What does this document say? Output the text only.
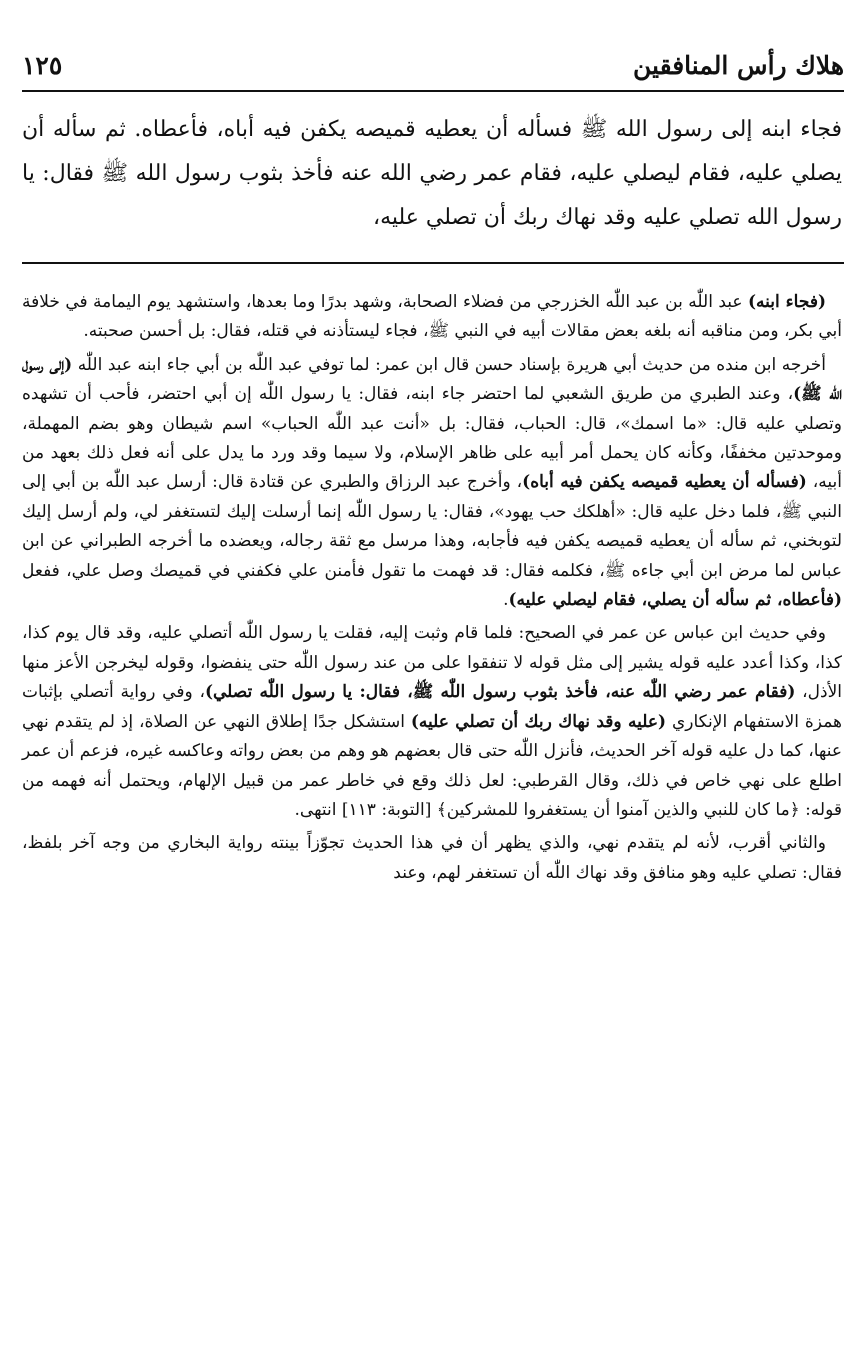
هلاك رأس المنافقين
١٢٥

فجاء ابنه إلى رسول الله ﷺ فسأله أن يعطيه قميصه يكفن فيه أباه، فأعطاه. ثم سأله أن يصلي عليه، فقام ليصلي عليه، فقام عمر رضي الله عنه فأخذ بثوب رسول الله ﷺ فقال: يا رسول الله تصلي عليه وقد نهاك ربك أن تصلي عليه،

(فجاء ابنه) عبد اللّٰه بن عبد اللّٰه الخزرجي من فضلاء الصحابة، وشهد بدرًا وما بعدها، واستشهد يوم اليمامة في خلافة أبي بكر، ومن مناقبه أنه بلغه بعض مقالات أبيه في النبي ﷺ، فجاء ليستأذنه في قتله، فقال: بل أحسن صحبته.

أخرجه ابن منده من حديث أبي هريرة بإسناد حسن قال ابن عمر: لما توفي عبد اللّٰه بن أبي جاء ابنه عبد اللّٰه (إلى رسول اللّٰه ﷺ)، وعند الطبري من طريق الشعبي لما احتضر جاء ابنه، فقال: يا رسول اللّٰه إن أبي احتضر، فأحب أن تشهده وتصلي عليه قال: «ما اسمك»، قال: الحباب، فقال: بل «أنت عبد اللّٰه الحباب» اسم شيطان وهو بضم المهملة، وموحدتين مخففًا، وكأنه كان يحمل أمر أبيه على ظاهر الإسلام، ولا سيما وقد ورد ما يدل على أنه فعل ذلك بعهد من أبيه، (فسأله أن يعطيه قميصه يكفن فيه أباه)، وأخرج عبد الرزاق والطبري عن قتادة قال: أرسل عبد اللّٰه بن أبي إلى النبي ﷺ، فلما دخل عليه قال: «أهلكك حب يهود»، فقال: يا رسول اللّٰه إنما أرسلت إليك لتستغفر لي، ولم أرسل إليك لتوبخني، ثم سأله أن يعطيه قميصه يكفن فيه فأجابه، وهذا مرسل مع ثقة رجاله، ويعضده ما أخرجه الطبراني عن ابن عباس لما مرض ابن أبي جاءه ﷺ، فكلمه فقال: قد فهمت ما تقول فأمنن علي فكفني في قميصك وصل علي، ففعل (فأعطاه، ثم سأله أن يصلي، فقام ليصلي عليه).

وفي حديث ابن عباس عن عمر في الصحيح: فلما قام وثبت إليه، فقلت يا رسول اللّٰه أتصلي عليه، وقد قال يوم كذا، كذا، وكذا أعدد عليه قوله يشير إلى مثل قوله لا تنفقوا على من عند رسول اللّٰه حتى ينفضوا، وقوله ليخرجن الأعز منها الأذل، (فقام عمر رضي اللّٰه عنه، فأخذ بثوب رسول اللّٰه ﷺ، فقال: يا رسول اللّٰه تصلي)، وفي رواية أتصلي بإثبات همزة الاستفهام الإنكاري (عليه وقد نهاك ربك أن تصلي عليه) استشكل جدًا إطلاق النهي عن الصلاة، إذ لم يتقدم نهي عنها، كما دل عليه قوله آخر الحديث، فأنزل اللّٰه حتى قال بعضهم هو وهم من بعض رواته وعاكسه غيره، فزعم أن عمر اطلع على نهي خاص في ذلك، وقال القرطبي: لعل ذلك وقع في خاطر عمر من قبيل الإلهام، ويحتمل أنه فهمه من قوله: ﴿ما كان للنبي والذين آمنوا أن يستغفروا للمشركين﴾ [التوبة: ١١٣] انتهى.

والثاني أقرب، لأنه لم يتقدم نهي، والذي يظهر أن في هذا الحديث تجوّزاً بينته رواية البخاري من وجه آخر بلفظ، فقال: تصلي عليه وهو منافق وقد نهاك اللّٰه أن تستغفر لهم، وعند
